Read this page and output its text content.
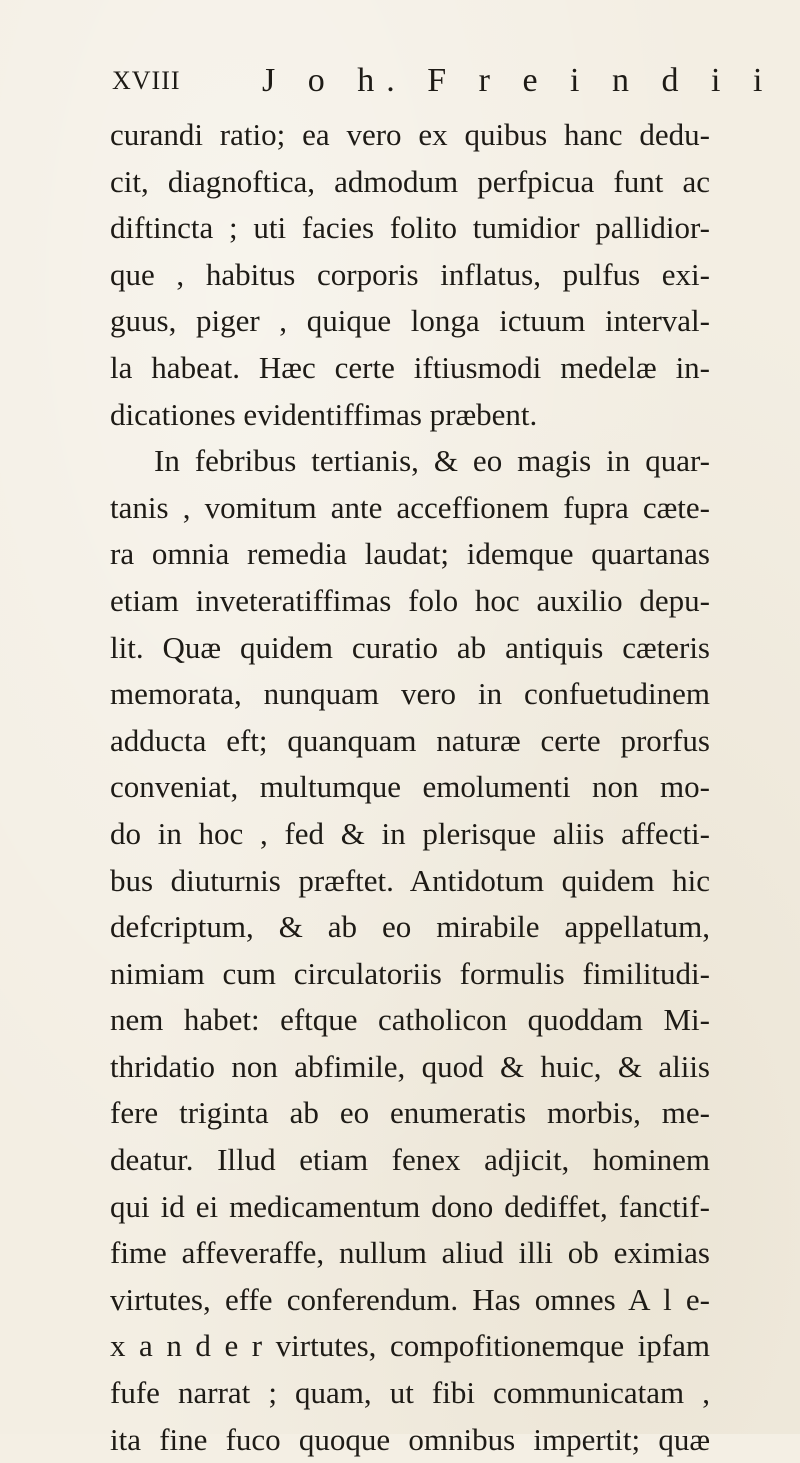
XVIII J o h. F r e i n d i i
curandi ratio; ea vero ex quibus hanc dedu-
cit, diagnoftica, admodum perfpicua funt ac
diftincta ; uti facies folito tumidior pallidior-
que , habitus corporis inflatus, pulfus exi-
guus, piger , quique longa ictuum interval-
la habeat. Hæc certe iftiusmodi medelæ in-
dicationes evidentiffimas præbent.
In febribus tertianis, & eo magis in quar-
tanis , vomitum ante acceffionem fupra cæte-
ra omnia remedia laudat; idemque quartanas
etiam inveteratiffimas folo hoc auxilio depu-
lit. Quæ quidem curatio ab antiquis cæteris
memorata, nunquam vero in confuetudinem
adducta eft; quanquam naturæ certe prorfus
conveniat, multumque emolumenti non mo-
do in hoc , fed & in plerisque aliis affecti-
bus diuturnis præftet. Antidotum quidem hic
defcriptum, & ab eo mirabile appellatum,
nimiam cum circulatoriis formulis fimilitudi-
nem habet: eftque catholicon quoddam Mi-
thridatio non abfimile, quod & huic, & aliis
fere triginta ab eo enumeratis morbis, me-
deatur. Illud etiam fenex adjicit, hominem
qui id ei medicamentum dono dediffet, fanctif-
fime affeveraffe, nullum aliud illi ob eximias
virtutes, effe conferendum. Has omnes A l e-
x a n d e r virtutes, compofitionemque ipfam
fufe narrat ; quam, ut fibi communicatam ,
ita fine fuco quoque omnibus impertit; quæ
